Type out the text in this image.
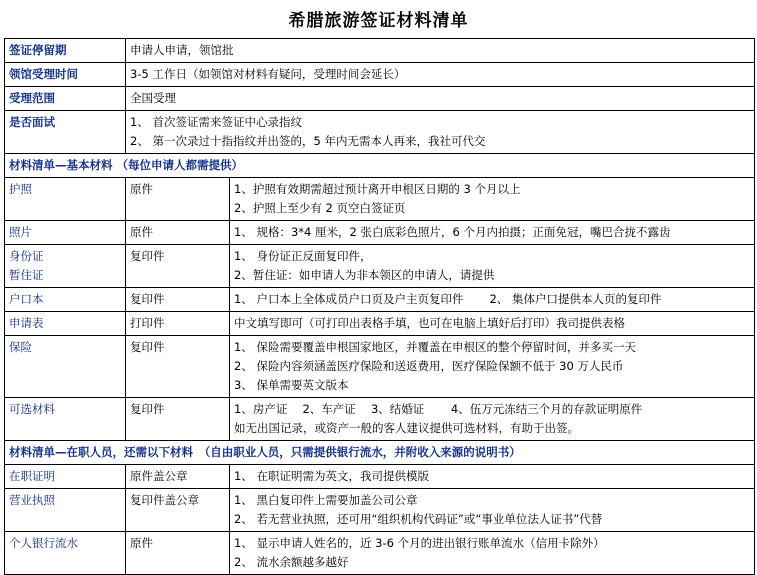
希腊旅游签证材料清单
签证停留期	申请人申请，领馆批	
领馆受理时间	3-5 工作日（如领馆对材料有疑问，受理时间会延长）	
受理范围	全国受理	
是否面试	1、 首次签证需来签证中心录指纹
2、 第一次录过十指指纹并出签的，5 年内无需本人再来，我社可代交	

材料清单—基本材料 （每位申请人都需提供）		
护照	原件	1、护照有效期需超过预计离开申根区日期的 3 个月以上
2、护照上至少有 2 页空白签证页

照片	原件	1、 规格：3*4 厘米，2 张白底彩色照片，6 个月内拍摄；正面免冠，嘴巴合拢不露齿

身份证
暂住证	复印件	1、 身份证正反面复印件，
2、暂住证：如申请人为非本领区的申请人，请提供

户口本	复印件	1、 户口本上全体成员户口页及户主页复印件 2、 集体户口提供本人页的复印件
申请表	打印件	中文填写即可（可打印出表格手填，也可在电脑上填好后打印）我司提供表格

保险	复印件	1、 保险需要覆盖申根国家地区，并覆盖在申根区的整个停留时间，并多买一天
2、 保险内容须涵盖医疗保险和送返费用，医疗保险保额不低于 30 万人民币
3、 保单需要英文版本

可选材料	复印件	1、房产证　 2、车产证　 3、结婚证　　 4、伍万元冻结三个月的存款证明原件
如无出国记录，或资产一般的客人建议提供可选材料，有助于出签。

材料清单—在职人员，还需以下材料　（自由职业人员，只需提供银行流水，并附收入来源的说明书）		
在职证明	原件盖公章	1、 在职证明需为英文，我司提供模版

营业执照	复印件盖公章	1、 黑白复印件上需要加盖公司公章
2、 若无营业执照，还可用“组织机构代码证”或“事业单位法人证书”代替

个人银行流水	原件	1、 显示申请人姓名的，近 3-6 个月的进出银行账单流水（信用卡除外）
2、 流水余额越多越好
